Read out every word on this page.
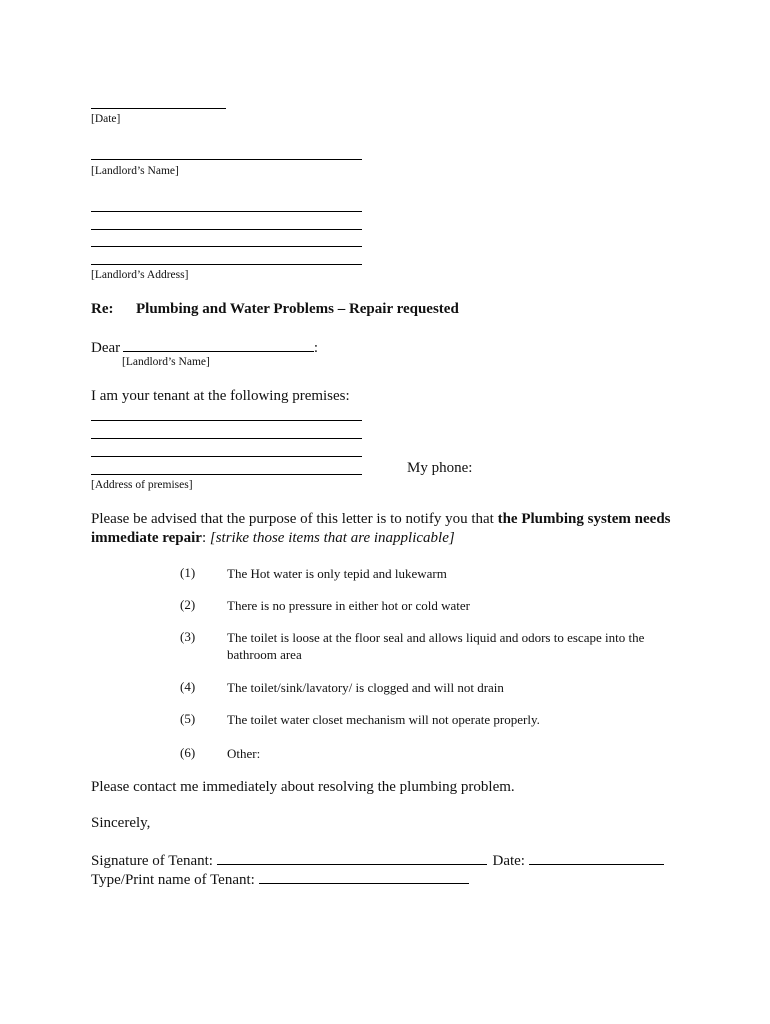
[Date]
[Landlord’s Name]
[Landlord’s Address]
Re: Plumbing and Water Problems – Repair requested
Dear	:
[Landlord’s Name]
I am your tenant at the following premises:
My phone:
[Address of premises]
Please be advised that the purpose of this letter is to notify you that the Plumbing system needs immediate repair: [strike those items that are inapplicable]
(1) The Hot water is only tepid and lukewarm
(2) There is no pressure in either hot or cold water
(3) The toilet is loose at the floor seal and allows liquid and odors to escape into the bathroom area
(4) The toilet/sink/lavatory/ is clogged and will not drain
(5) The toilet water closet mechanism will not operate properly.
(6) Other:
Please contact me immediately about resolving the plumbing problem.
Sincerely,
Signature of Tenant:	Date:
Type/Print name of Tenant:
